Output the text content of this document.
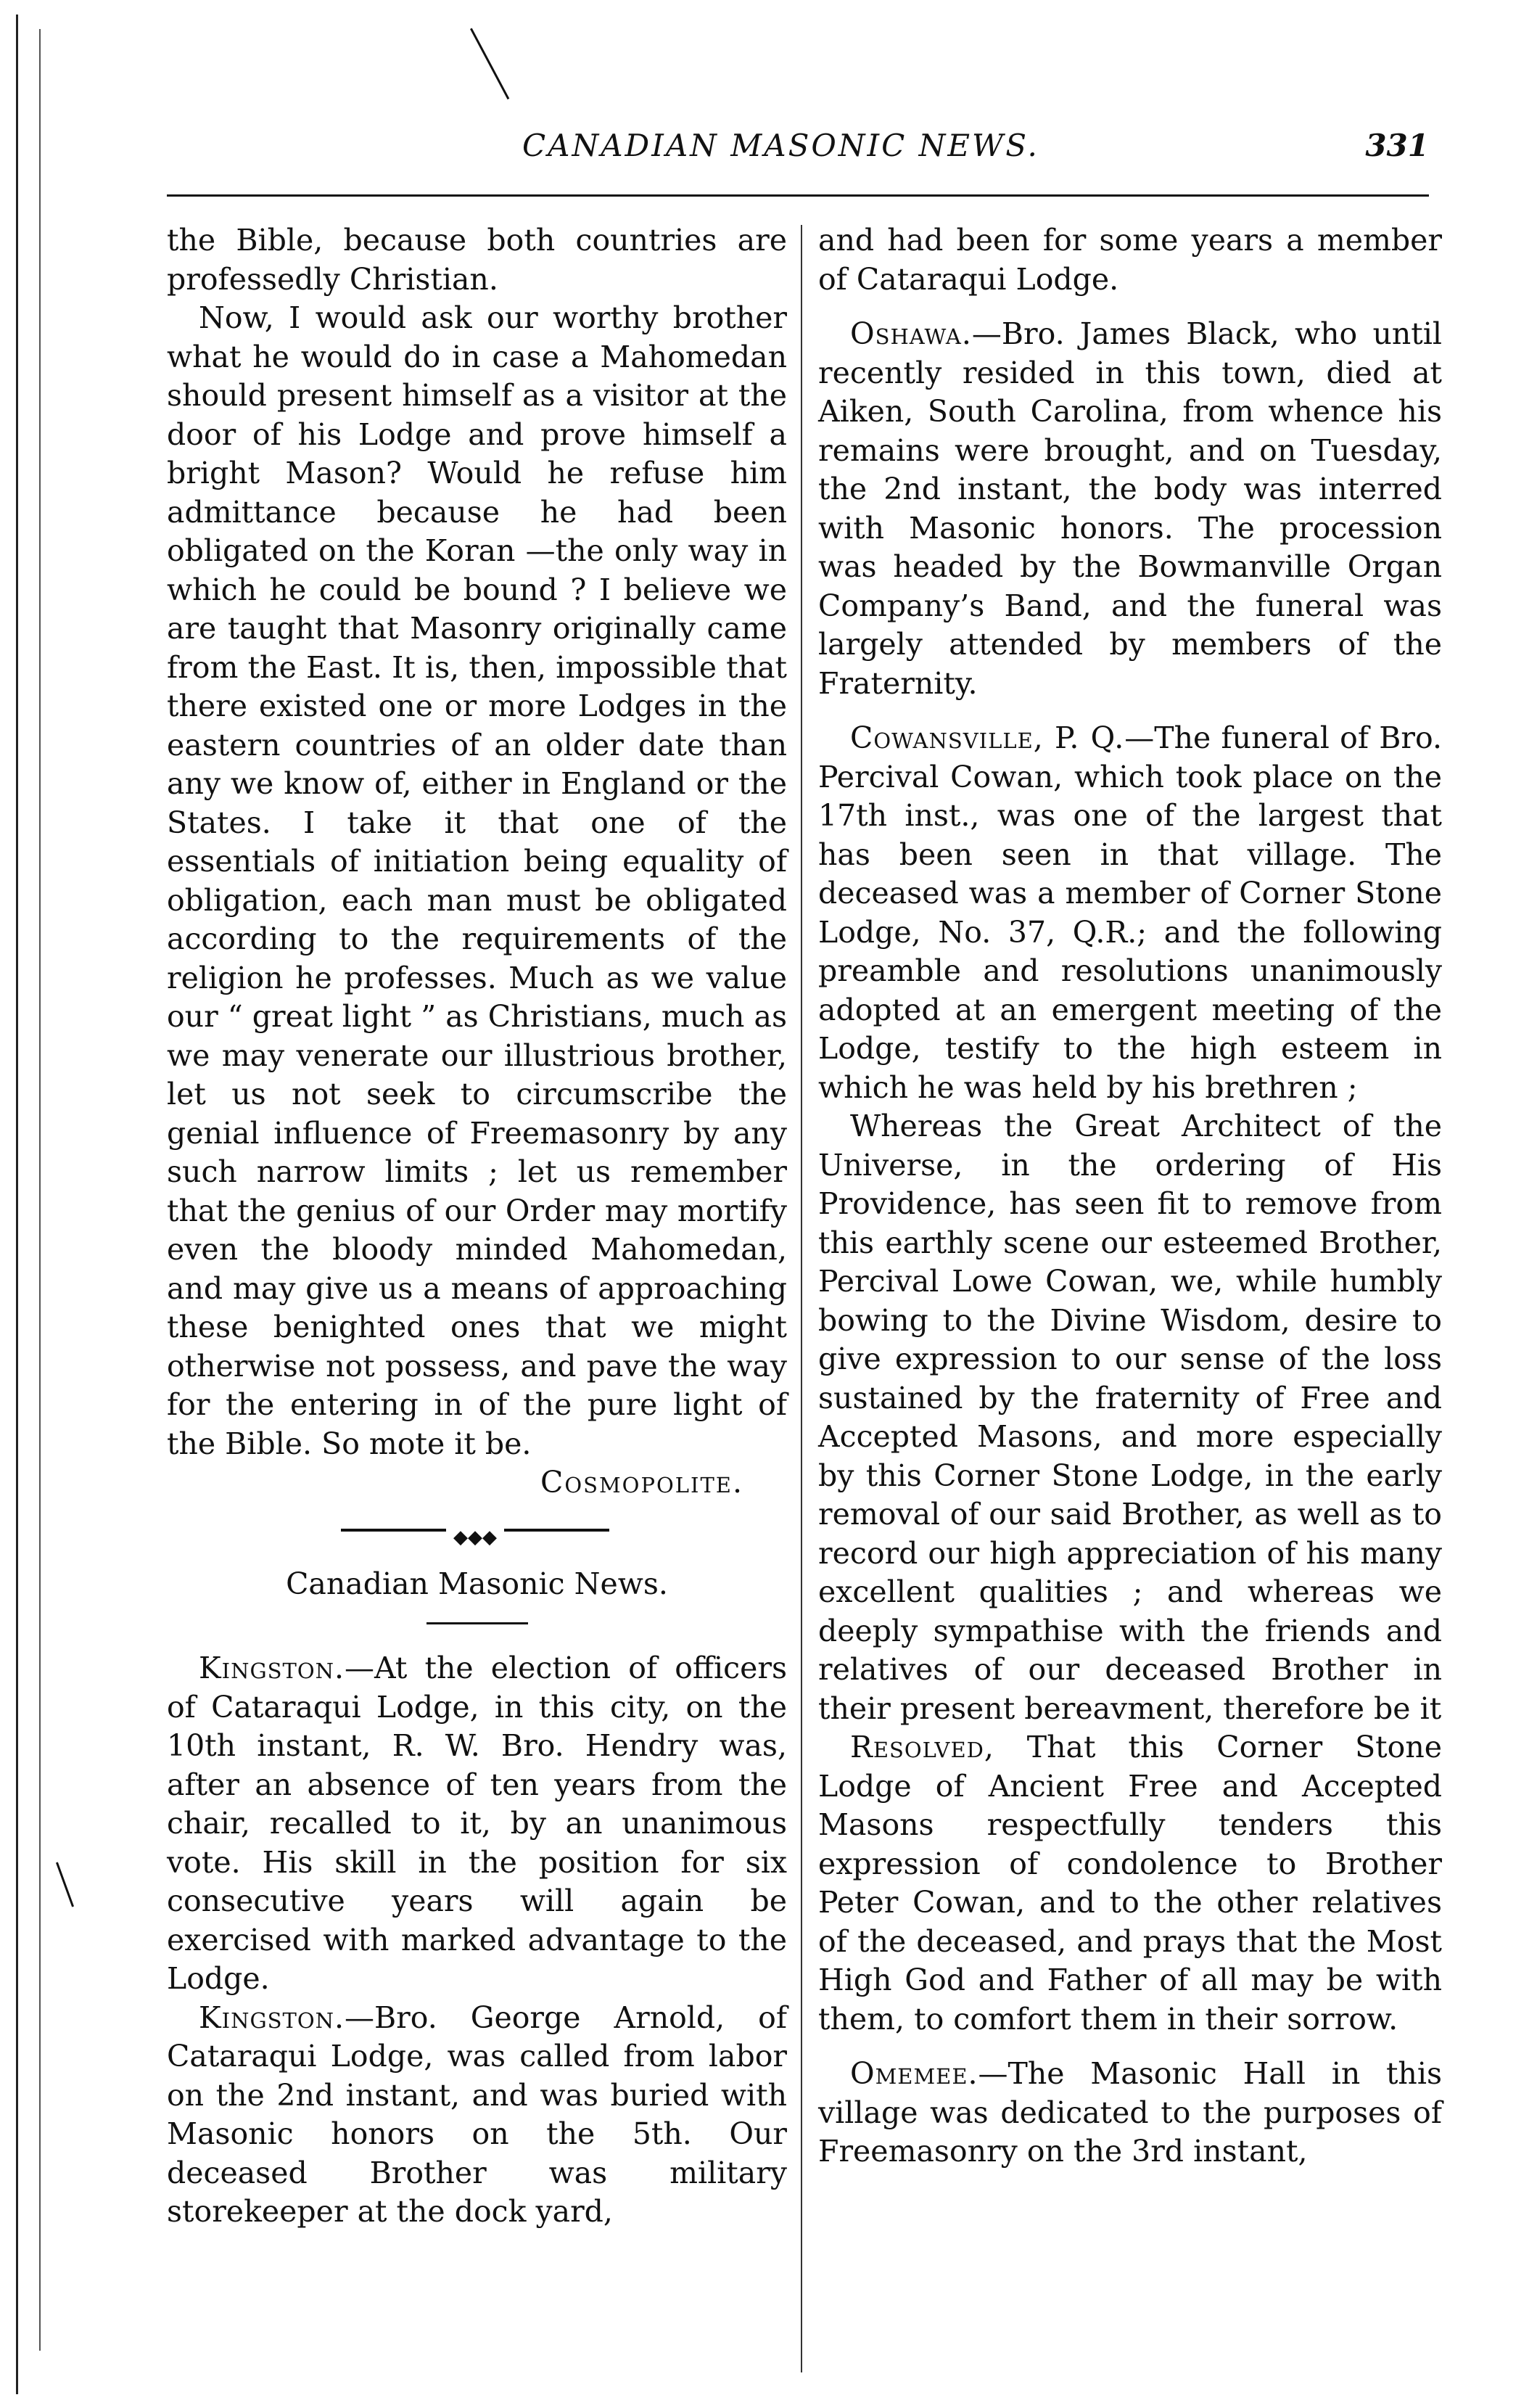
CANADIAN MASONIC NEWS.	331

the Bible, because both countries are professedly Christian.

Now, I would ask our worthy brother what he would do in case a Mahomedan should present himself as a visitor at the door of his Lodge and prove himself a bright Mason? Would he refuse him admittance because he had been obligated on the Koran —the only way in which he could be bound ? I believe we are taught that Masonry originally came from the East. It is, then, impossible that there existed one or more Lodges in the eastern countries of an older date than any we know of, either in England or the States. I take it that one of the essentials of initiation being equality of obligation, each man must be obligated according to the requirements of the religion he professes. Much as we value our “ great light ” as Christians, much as we may venerate our illustrious brother, let us not seek to circumscribe the genial influence of Freemasonry by any such narrow limits ; let us remember that the genius of our Order may mortify even the bloody minded Mahomedan, and may give us a means of approaching these benighted ones that we might otherwise not possess, and pave the way for the entering in of the pure light of the Bible. So mote it be.

Cosmopolite.

◆◆◆

Canadian Masonic News.

Kingston.—At the election of officers of Cataraqui Lodge, in this city, on the 10th instant, R. W. Bro. Hendry was, after an absence of ten years from the chair, recalled to it, by an unanimous vote. His skill in the position for six consecutive years will again be exercised with marked advantage to the Lodge.

Kingston.—Bro. George Arnold, of Cataraqui Lodge, was called from labor on the 2nd instant, and was buried with Masonic honors on the 5th. Our deceased Brother was military storekeeper at the dock yard,

and had been for some years a member of Cataraqui Lodge.

Oshawa.—Bro. James Black, who until recently resided in this town, died at Aiken, South Carolina, from whence his remains were brought, and on Tuesday, the 2nd instant, the body was interred with Masonic honors. The procession was headed by the Bowmanville Organ Company’s Band, and the funeral was largely attended by members of the Fraternity.

Cowansville, P. Q.—The funeral of Bro. Percival Cowan, which took place on the 17th inst., was one of the largest that has been seen in that village. The deceased was a member of Corner Stone Lodge, No. 37, Q.R.; and the following preamble and resolutions unanimously adopted at an emergent meeting of the Lodge, testify to the high esteem in which he was held by his brethren ;

Whereas the Great Architect of the Universe, in the ordering of His Providence, has seen fit to remove from this earthly scene our esteemed Brother, Percival Lowe Cowan, we, while humbly bowing to the Divine Wisdom, desire to give expression to our sense of the loss sustained by the fraternity of Free and Accepted Masons, and more especially by this Corner Stone Lodge, in the early removal of our said Brother, as well as to record our high appreciation of his many excellent qualities ; and whereas we deeply sympathise with the friends and relatives of our deceased Brother in their present bereavment, therefore be it

Resolved, That this Corner Stone Lodge of Ancient Free and Accepted Masons respectfully tenders this expression of condolence to Brother Peter Cowan, and to the other relatives of the deceased, and prays that the Most High God and Father of all may be with them, to comfort them in their sorrow.

Omemee.—The Masonic Hall in this village was dedicated to the purposes of Freemasonry on the 3rd instant,
